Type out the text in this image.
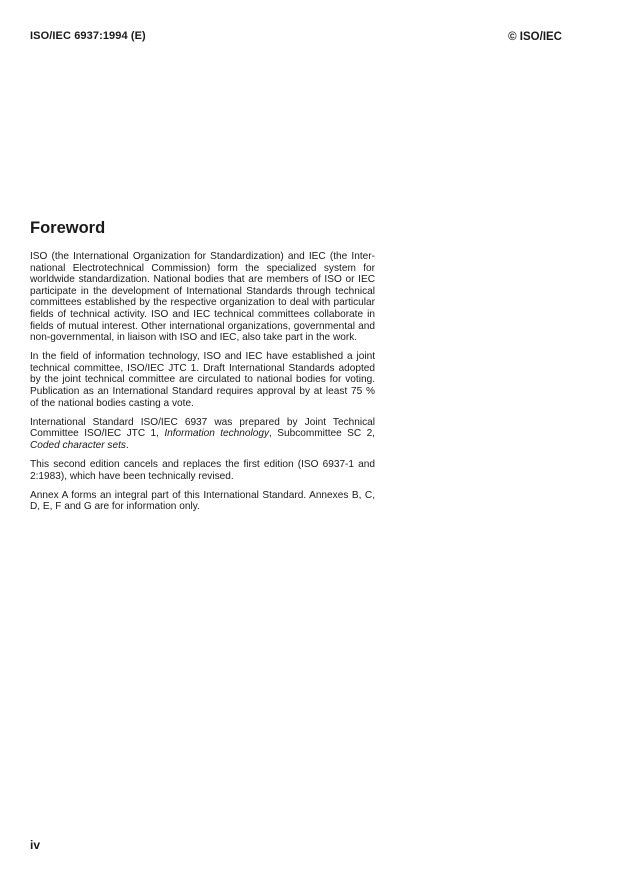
ISO/IEC 6937:1994 (E)	© ISO/IEC
Foreword

ISO (the International Organization for Standardization) and IEC (the International Electrotechnical Commission) form the specialized system for worldwide standardization. National bodies that are members of ISO or IEC participate in the development of International Standards through technical committees established by the respective organization to deal with particular fields of technical activity. ISO and IEC technical committees collaborate in fields of mutual interest. Other international organizations, governmental and non-governmental, in liaison with ISO and IEC, also take part in the work.

In the field of information technology, ISO and IEC have established a joint technical committee, ISO/IEC JTC 1. Draft International Standards adopted by the joint technical committee are circulated to national bodies for voting. Publication as an International Standard requires approval by at least 75 % of the national bodies casting a vote.

International Standard ISO/IEC 6937 was prepared by Joint Technical Committee ISO/IEC JTC 1, Information technology, Subcommittee SC 2, Coded character sets.

This second edition cancels and replaces the first edition (ISO 6937-1 and 2:1983), which have been technically revised.

Annex A forms an integral part of this International Standard. Annexes B, C, D, E, F and G are for information only.

iv
